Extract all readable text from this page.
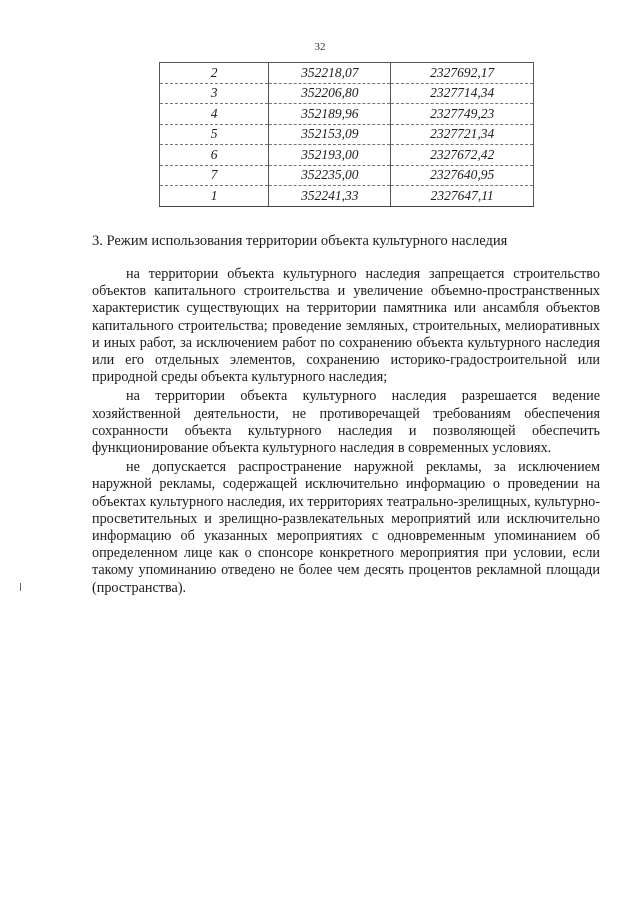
32
2	352218,07	2327692,17
3	352206,80	2327714,34
4	352189,96	2327749,23
5	352153,09	2327721,34
6	352193,00	2327672,42
7	352235,00	2327640,95
1	352241,33	2327647,11
3. Режим использования территории объекта культурного наследия

на территории объекта культурного наследия запрещается строительство объектов капитального строительства и увеличение объемно-пространственных характеристик существующих на территории памятника или ансамбля объектов капитального строительства; проведение земляных, строительных, мелиоративных и иных работ, за исключением работ по сохранению объекта культурного наследия или его отдельных элементов, сохранению историко-градостроительной или природной среды объекта культурного наследия;

на территории объекта культурного наследия разрешается ведение хозяйственной деятельности, не противоречащей требованиям обеспечения сохранности объекта культурного наследия и позволяющей обеспечить функционирование объекта культурного наследия в современных условиях.

не допускается распространение наружной рекламы, за исключением наружной рекламы, содержащей исключительно информацию о проведении на объектах культурного наследия, их территориях театрально-зрелищных, культурно-просветительных и зрелищно-развлекательных мероприятий или исключительно информацию об указанных мероприятиях с одновременным упоминанием об определенном лице как о спонсоре конкретного мероприятия при условии, если такому упоминанию отведено не более чем десять процентов рекламной площади (пространства).
